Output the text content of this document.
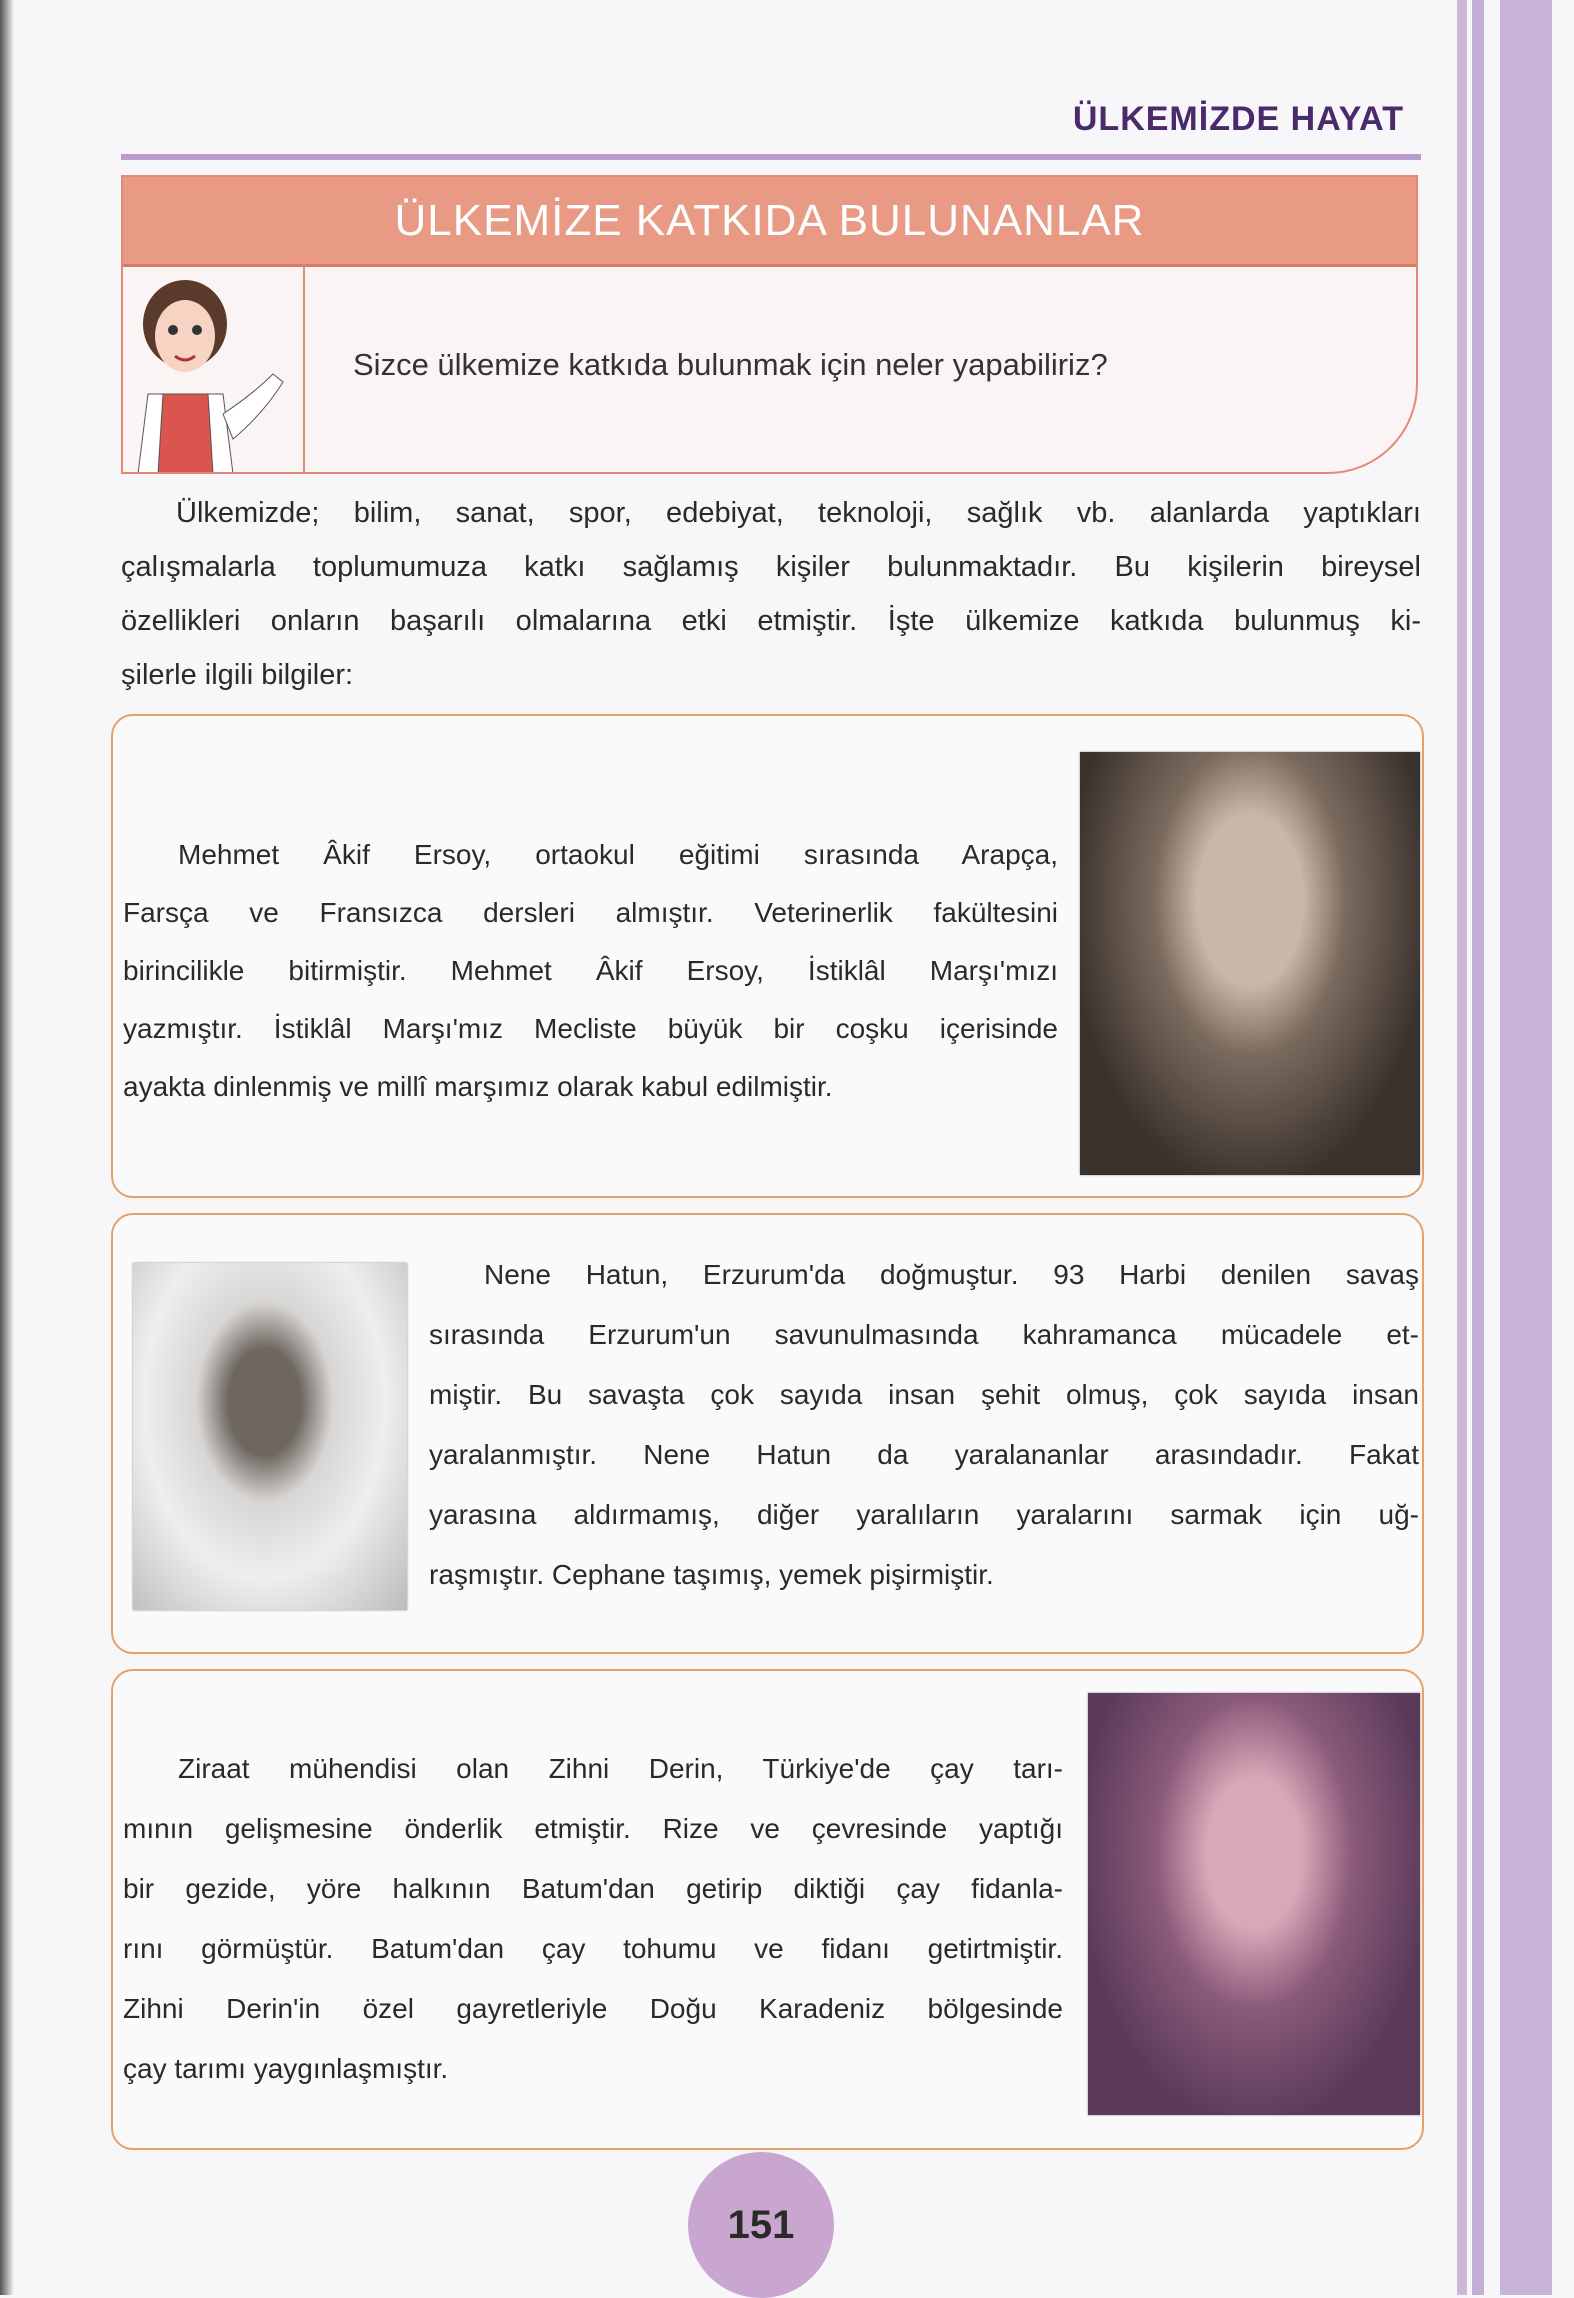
ÜLKEMİZDE HAYAT
ÜLKEMİZE KATKIDA BULUNANLAR
Sizce ülkemize katkıda bulunmak için neler yapabiliriz?
Ülkemizde; bilim, sanat, spor, edebiyat, teknoloji, sağlık vb. alanlarda yaptıkları
çalışmalarla toplumumuza katkı sağlamış kişiler bulunmaktadır. Bu kişilerin bireysel
özellikleri onların başarılı olmalarına etki etmiştir. İşte ülkemize katkıda bulunmuş ki-
şilerle ilgili bilgiler:
Mehmet Âkif Ersoy, ortaokul eğitimi sırasında Arapça,
Farsça ve Fransızca dersleri almıştır. Veterinerlik fakültesini
birincilikle bitirmiştir. Mehmet Âkif Ersoy, İstiklâl Marşı'mızı
yazmıştır. İstiklâl Marşı'mız Mecliste büyük bir coşku içerisinde
ayakta dinlenmiş ve millî marşımız olarak kabul edilmiştir.
Nene Hatun, Erzurum'da doğmuştur. 93 Harbi denilen savaş
sırasında Erzurum'un savunulmasında kahramanca mücadele et-
miştir. Bu savaşta çok sayıda insan şehit olmuş, çok sayıda insan
yaralanmıştır. Nene Hatun da yaralananlar arasındadır. Fakat
yarasına aldırmamış, diğer yaralıların yaralarını sarmak için uğ-
raşmıştır. Cephane taşımış, yemek pişirmiştir.
Ziraat mühendisi olan Zihni Derin, Türkiye'de çay tarı-
mının gelişmesine önderlik etmiştir. Rize ve çevresinde yaptığı
bir gezide, yöre halkının Batum'dan getirip diktiği çay fidanla-
rını görmüştür. Batum'dan çay tohumu ve fidanı getirtmiştir.
Zihni Derin'in özel gayretleriyle Doğu Karadeniz bölgesinde
çay tarımı yaygınlaşmıştır.
151
